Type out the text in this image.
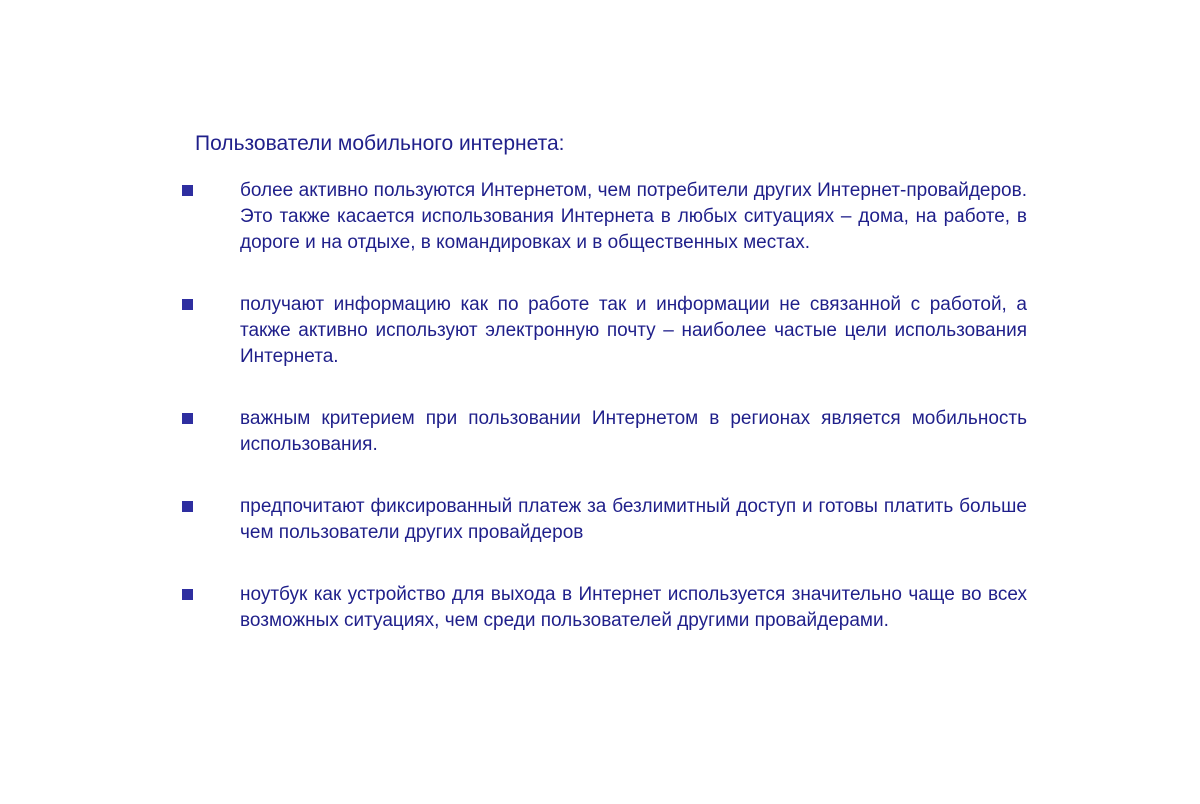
Пользователи мобильного интернета:
более активно пользуются Интернетом, чем потребители других Интернет-провайдеров. Это также касается использования Интернета в любых ситуациях – дома, на работе, в дороге и на отдыхе, в командировках и в общественных местах.
получают информацию как по работе так и информации не связанной с работой, а также активно используют электронную почту – наиболее частые цели использования Интернета.
важным критерием при пользовании Интернетом в регионах является мобильность использования.
предпочитают фиксированный платеж за безлимитный доступ и готовы платить больше чем пользователи других провайдеров
ноутбук как устройство для выхода в Интернет используется значительно чаще во всех возможных ситуациях, чем среди пользователей другими провайдерами.
